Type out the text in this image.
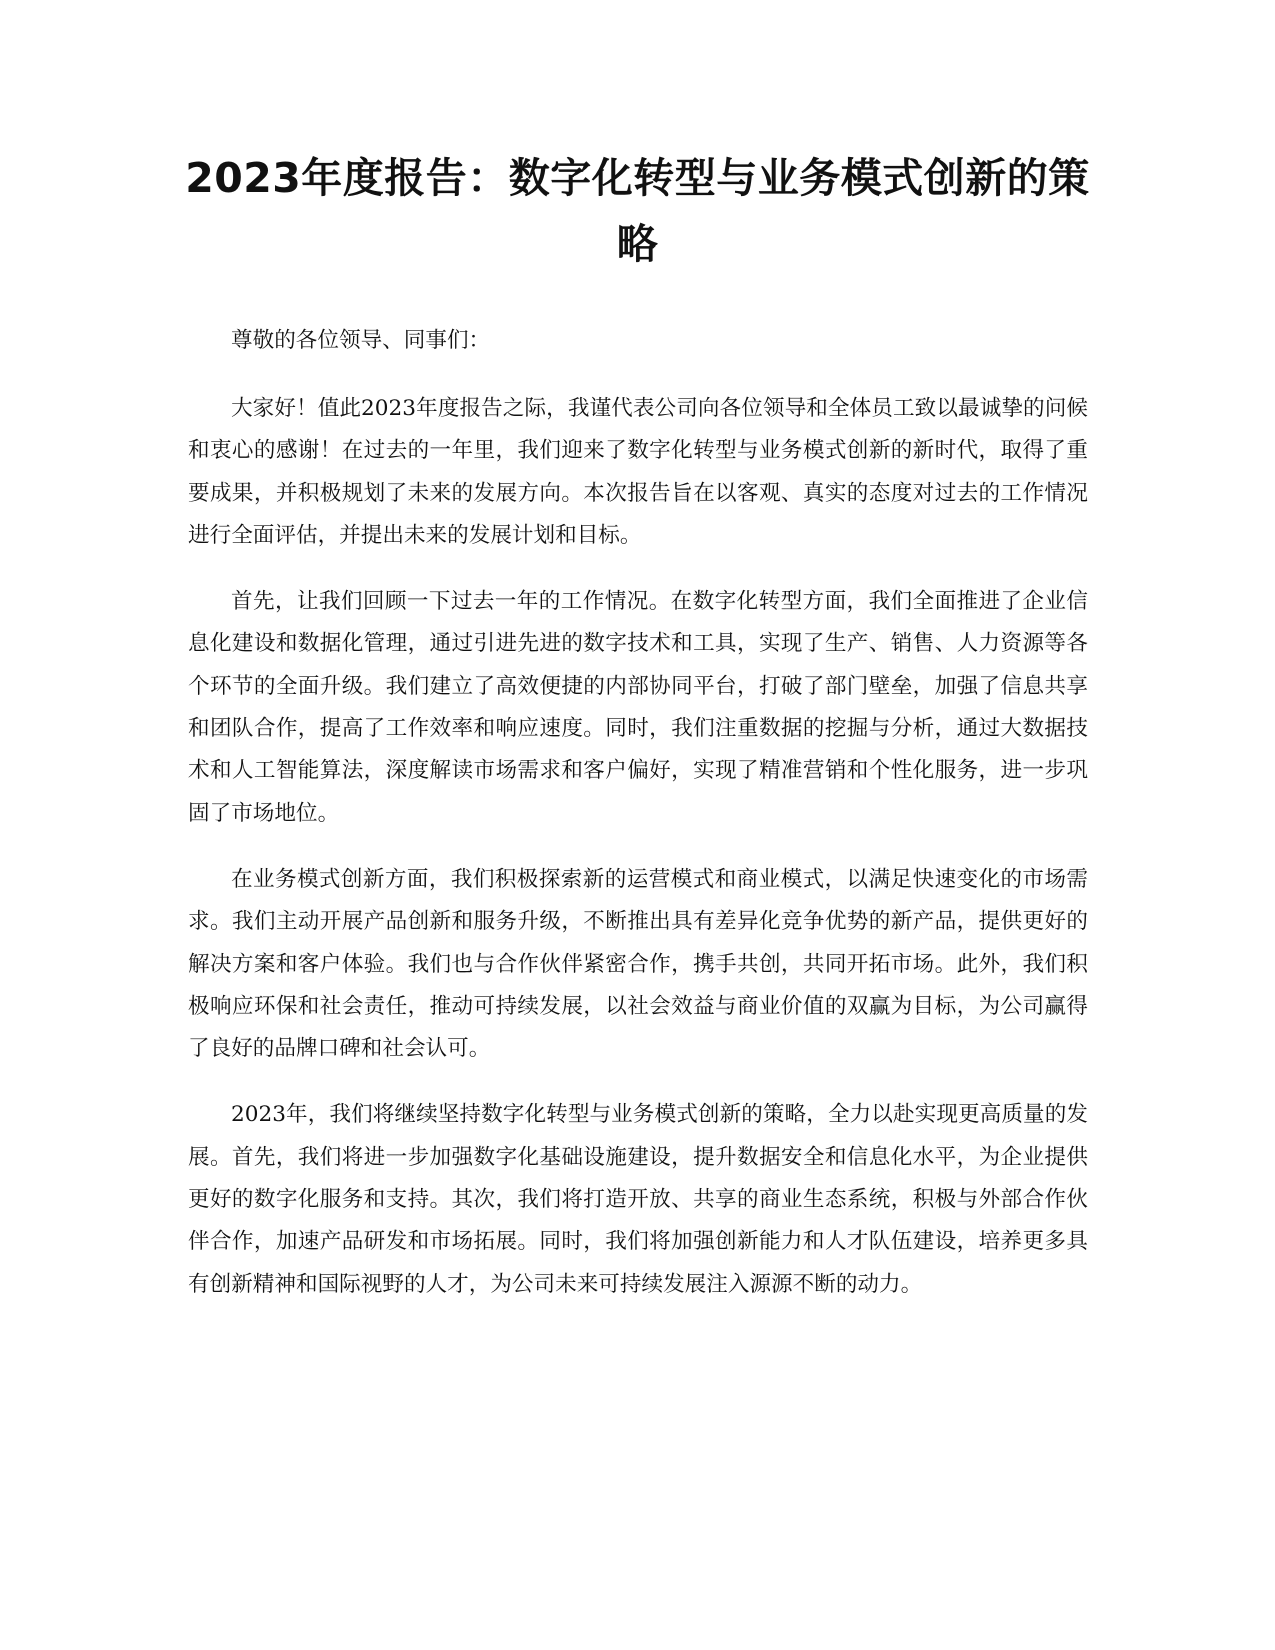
2023年度报告：数字化转型与业务模式创新的策略

尊敬的各位领导、同事们：

大家好！值此2023年度报告之际，我谨代表公司向各位领导和全体员工致以最诚挚的问候和衷心的感谢！在过去的一年里，我们迎来了数字化转型与业务模式创新的新时代，取得了重要成果，并积极规划了未来的发展方向。本次报告旨在以客观、真实的态度对过去的工作情况进行全面评估，并提出未来的发展计划和目标。

首先，让我们回顾一下过去一年的工作情况。在数字化转型方面，我们全面推进了企业信息化建设和数据化管理，通过引进先进的数字技术和工具，实现了生产、销售、人力资源等各个环节的全面升级。我们建立了高效便捷的内部协同平台，打破了部门壁垒，加强了信息共享和团队合作，提高了工作效率和响应速度。同时，我们注重数据的挖掘与分析，通过大数据技术和人工智能算法，深度解读市场需求和客户偏好，实现了精准营销和个性化服务，进一步巩固了市场地位。

在业务模式创新方面，我们积极探索新的运营模式和商业模式，以满足快速变化的市场需求。我们主动开展产品创新和服务升级，不断推出具有差异化竞争优势的新产品，提供更好的解决方案和客户体验。我们也与合作伙伴紧密合作，携手共创，共同开拓市场。此外，我们积极响应环保和社会责任，推动可持续发展，以社会效益与商业价值的双赢为目标，为公司赢得了良好的品牌口碑和社会认可。

2023年，我们将继续坚持数字化转型与业务模式创新的策略，全力以赴实现更高质量的发展。首先，我们将进一步加强数字化基础设施建设，提升数据安全和信息化水平，为企业提供更好的数字化服务和支持。其次，我们将打造开放、共享的商业生态系统，积极与外部合作伙伴合作，加速产品研发和市场拓展。同时，我们将加强创新能力和人才队伍建设，培养更多具有创新精神和国际视野的人才，为公司未来可持续发展注入源源不断的动力。
